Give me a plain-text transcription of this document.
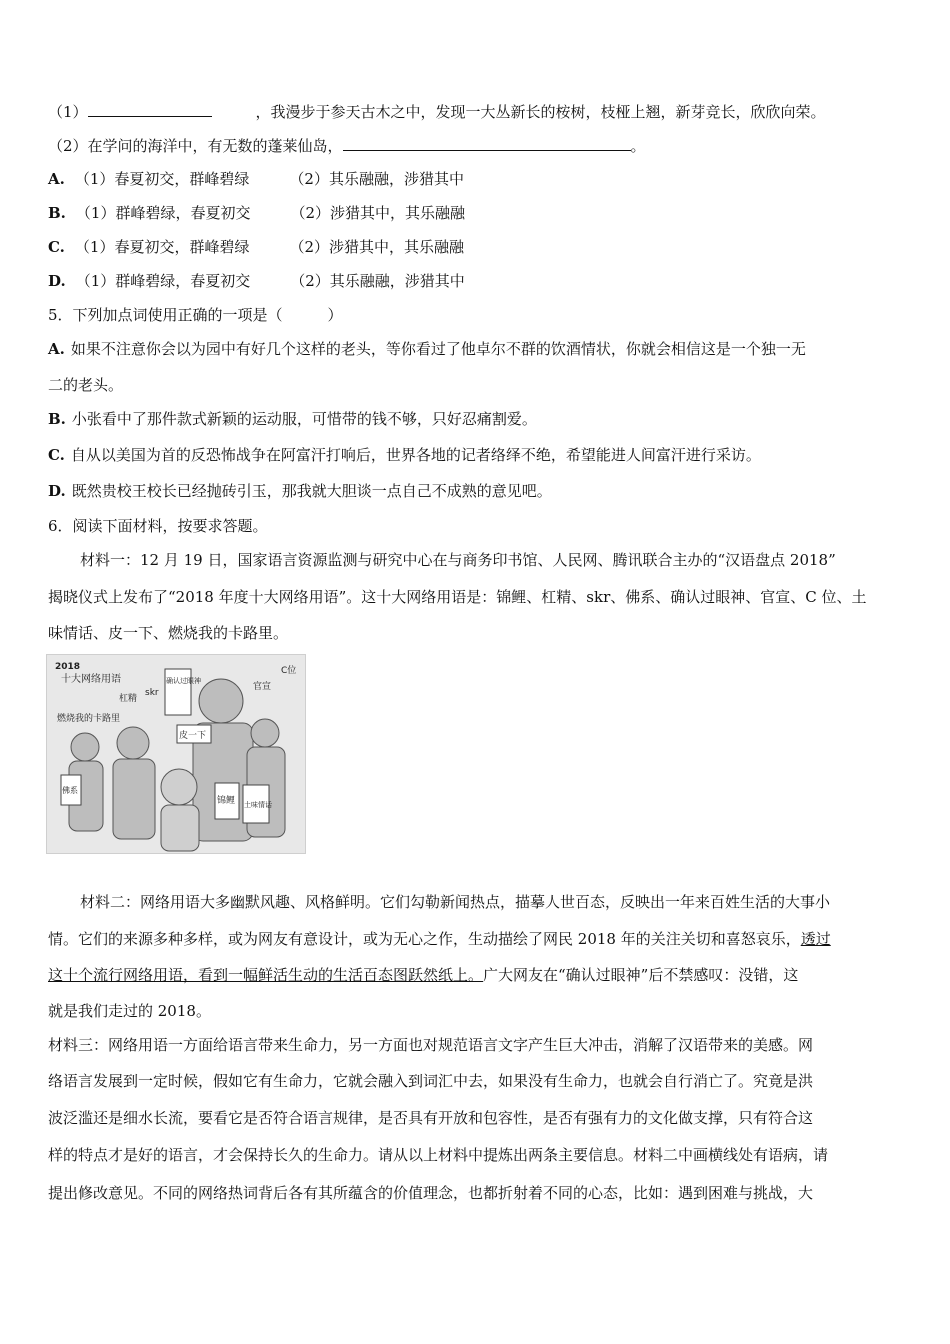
（1）	，我漫步于参天古木之中，发现一大丛新长的桉树，枝桠上翘，新芽竞长，欣欣向荣。
（2）在学问的海洋中，有无数的蓬莱仙岛，	。
A. （1）春夏初交，群峰碧绿	（2）其乐融融，涉猎其中
B. （1）群峰碧绿，春夏初交	（2）涉猎其中，其乐融融
C. （1）春夏初交，群峰碧绿	（2）涉猎其中，其乐融融
D. （1）群峰碧绿，春夏初交	（2）其乐融融，涉猎其中
5．下列加点词使用正确的一项是（　　　）
A. 如果不注意你会以为园中有好几个这样的老头，等你看过了他卓尔不群的饮酒情状，你就会相信这是一个独一无
二的老头。
B. 小张看中了那件款式新颖的运动服，可惜带的钱不够，只好忍痛割爱。
C. 自从以美国为首的反恐怖战争在阿富汗打响后，世界各地的记者络绎不绝，希望能进人间富汗进行采访。
D. 既然贵校王校长已经抛砖引玉，那我就大胆谈一点自己不成熟的意见吧。
6．阅读下面材料，按要求答题。
材料一：12 月 19 日，国家语言资源监测与研究中心在与商务印书馆、人民网、腾讯联合主办的“汉语盘点 2018”
揭晓仪式上发布了“2018 年度十大网络用语”。这十大网络用语是：锦鲤、杠精、skr、佛系、确认过眼神、官宣、C 位、土
味情话、皮一下、燃烧我的卡路里。
2018
十大网络用语
燃烧我的卡路里
杠精
skr
确认过眼神
官宣
C位
皮一下
佛系
锦鲤 土味情话
材料二：网络用语大多幽默风趣、风格鲜明。它们勾勒新闻热点，描摹人世百态，反映出一年来百姓生活的大事小
情。它们的来源多种多样，或为网友有意设计，或为无心之作，生动描绘了网民 2018 年的关注关切和喜怒哀乐，透过
这十个流行网络用语，看到一幅鲜活生动的生活百态图跃然纸上。广大网友在“确认过眼神”后不禁感叹：没错，这
就是我们走过的 2018。
材料三：网络用语一方面给语言带来生命力，另一方面也对规范语言文字产生巨大冲击，消解了汉语带来的美感。网
络语言发展到一定时候，假如它有生命力，它就会融入到词汇中去，如果没有生命力，也就会自行消亡了。究竟是洪
波泛滥还是细水长流，要看它是否符合语言规律，是否具有开放和包容性，是否有强有力的文化做支撑，只有符合这
样的特点才是好的语言，才会保持长久的生命力。请从以上材料中提炼出两条主要信息。材料二中画横线处有语病，请
提出修改意见。不同的网络热词背后各有其所蕴含的价值理念，也都折射着不同的心态，比如：遇到困难与挑战，大
